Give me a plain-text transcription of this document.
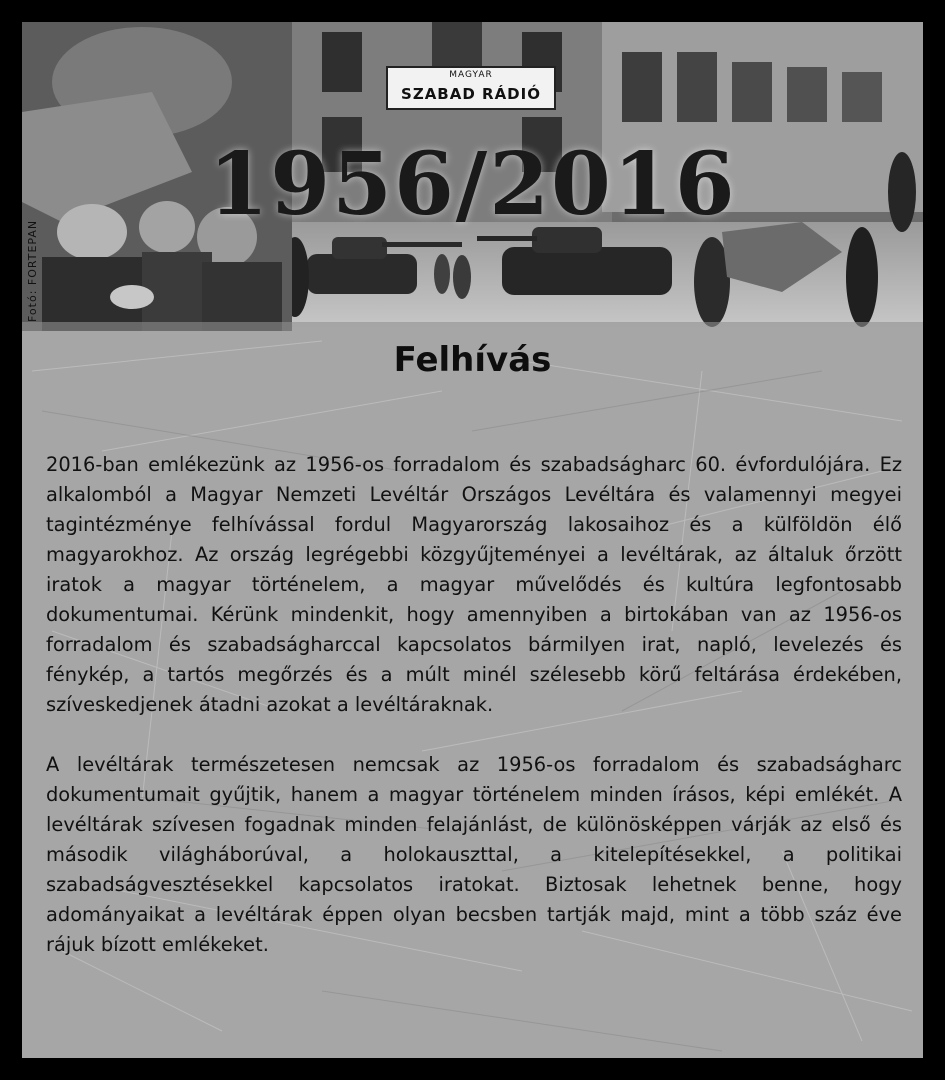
MAGYAR
SZABAD RÁDIÓ
1956/2016
Fotó: FORTEPAN
Felhívás

2016-ban emlékezünk az 1956-os forradalom és szabadságharc 60. évfordulójára. Ez alkalomból a Magyar Nemzeti Levéltár Országos Levéltára és valamennyi megyei tagintézménye felhívással fordul Magyarország lakosaihoz és a külföldön élő magyarokhoz. Az ország legrégebbi közgyűjteményei a levéltárak, az általuk őrzött iratok a magyar történelem, a magyar művelődés és kultúra legfontosabb dokumentumai. Kérünk mindenkit, hogy amennyiben a birtokában van az 1956-os forradalom és szabadságharccal kapcsolatos bármilyen irat, napló, levelezés és fénykép, a tartós megőrzés és a múlt minél szélesebb körű feltárása érdekében, szíveskedjenek átadni azokat a levéltáraknak.

A levéltárak természetesen nemcsak az 1956-os forradalom és szabadságharc dokumentumait gyűjtik, hanem a magyar történelem minden írásos, képi emlékét. A levéltárak szívesen fogadnak minden felajánlást, de különösképpen várják az első és második világháborúval, a holokauszttal, a kitelepítésekkel, a politikai szabadságvesztésekkel kapcsolatos iratokat. Biztosak lehetnek benne, hogy adományaikat a levéltárak éppen olyan becsben tartják majd, mint a több száz éve rájuk bízott emlékeket.
